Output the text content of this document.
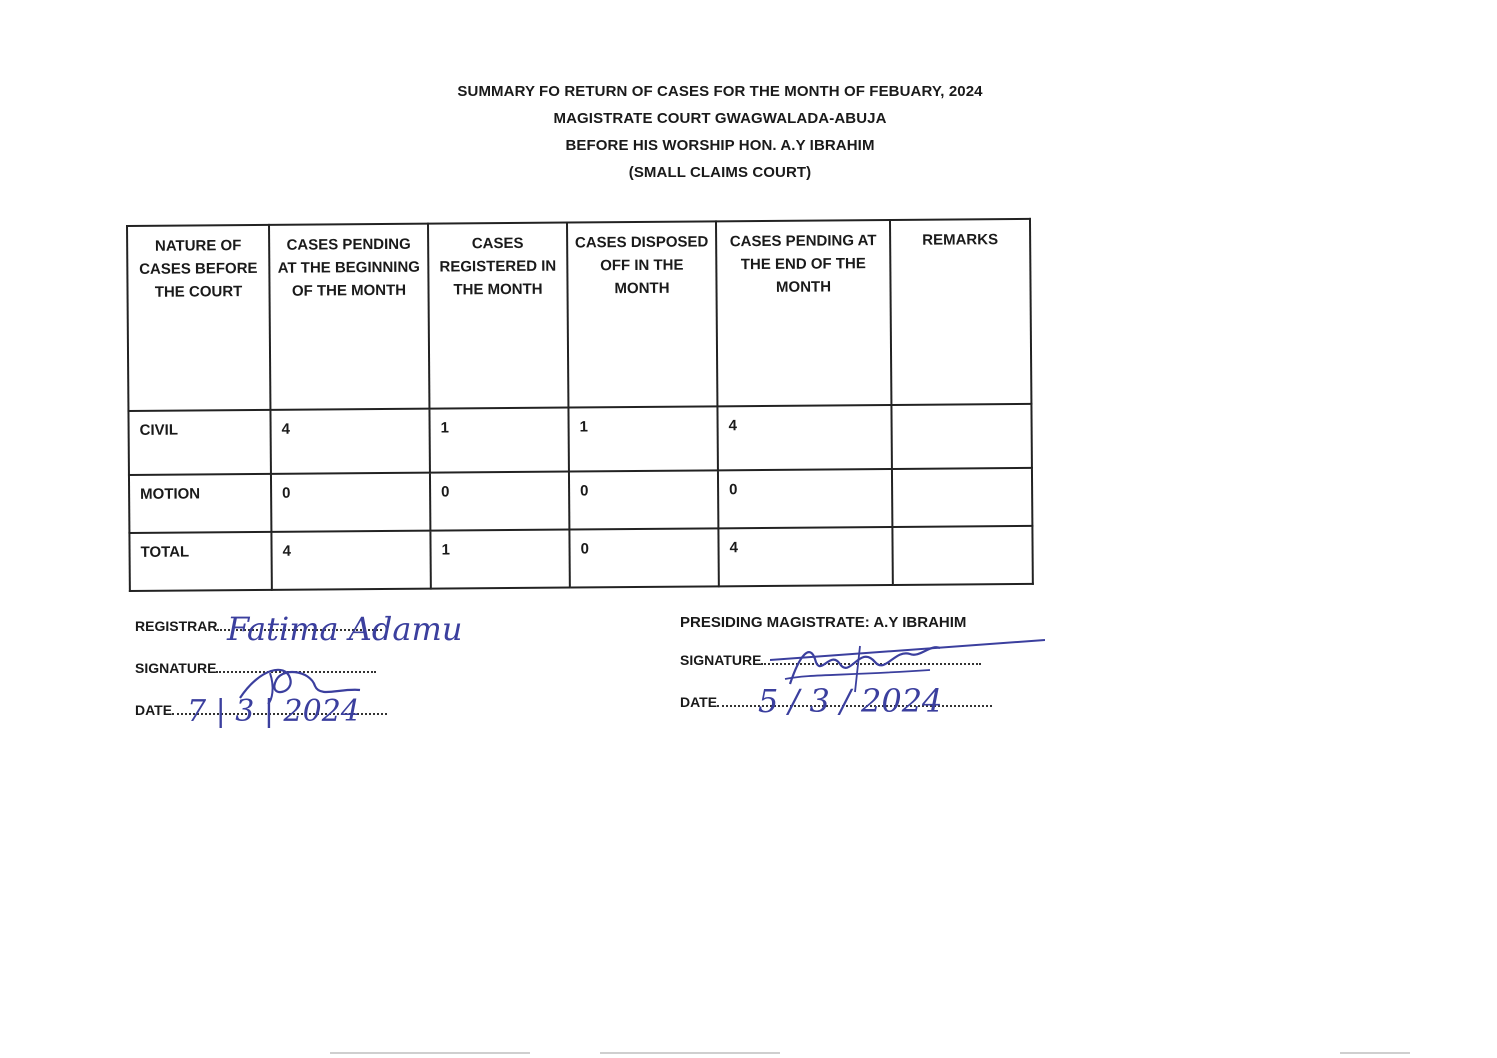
SUMMARY FO RETURN OF CASES FOR THE MONTH OF FEBUARY, 2024
MAGISTRATE COURT GWAGWALADA-ABUJA
BEFORE HIS WORSHIP HON. A.Y IBRAHIM
(SMALL CLAIMS COURT)
NATURE OF CASES BEFORE THE COURT	CASES PENDING AT THE BEGINNING OF THE MONTH	CASES REGISTERED IN THE MONTH	CASES DISPOSED OFF IN THE MONTH	CASES PENDING AT THE END OF THE MONTH	REMARKS
CIVIL	4	1	1	4	
MOTION	0	0	0	0	
TOTAL	4	1	0	4	
REGISTRAR Fatima Adamu
SIGNATURE
DATE 7 | 3 | 2024
PRESIDING MAGISTRATE: A.Y IBRAHIM
SIGNATURE
DATE 5 / 3 / 2024
